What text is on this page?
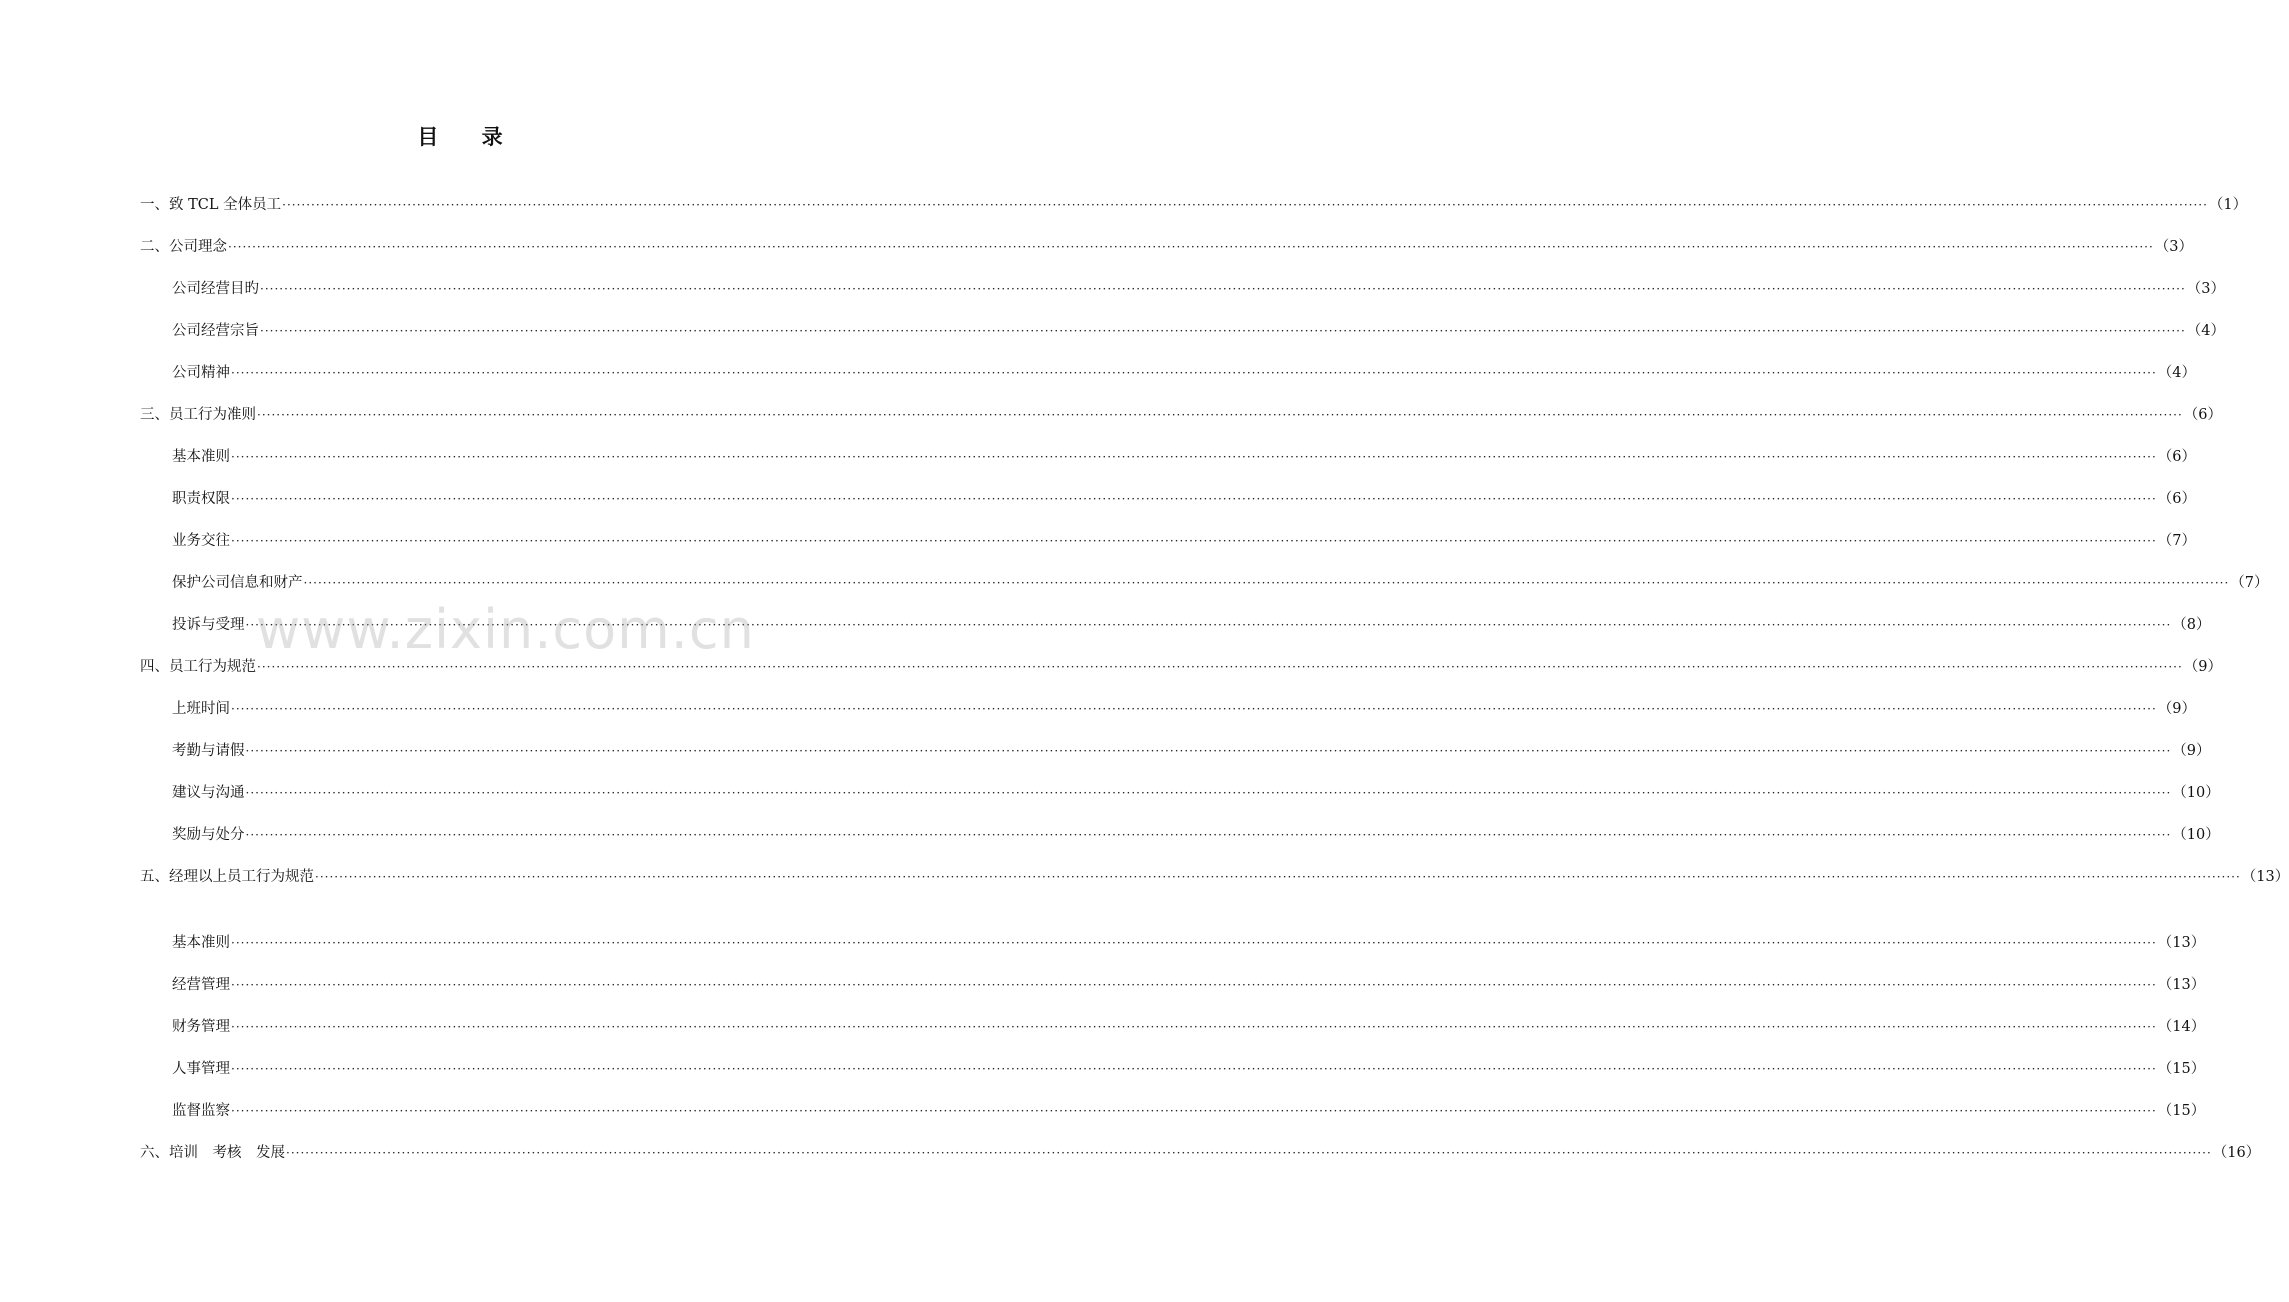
目 录
一、致 TCL 全体员工 ················································································································································································································································································································································································································ （1）
二、公司理念 ················································································································································································································································································································································································································ （3）
公司经营目旳 ················································································································································································································································································································································································································ （3）
公司经营宗旨 ················································································································································································································································································································································································································ （4）
公司精神 ················································································································································································································································································································································································································ （4）
三、员工行为准则 ················································································································································································································································································································································································································ （6）
基本准则 ················································································································································································································································································································································································································ （6）
职责权限 ················································································································································································································································································································································································································ （6）
业务交往 ················································································································································································································································································································································································································ （7）
保护公司信息和财产 ················································································································································································································································································································································································································ （7）
投诉与受理 ················································································································································································································································································································································································································ （8）
四、员工行为规范 ················································································································································································································································································································································································································ （9）
上班时间 ················································································································································································································································································································································································································ （9）
考勤与请假 ················································································································································································································································································································································································································ （9）
建议与沟通 ················································································································································································································································································································································································································ （10）
奖励与处分 ················································································································································································································································································································································································································ （10）
五、经理以上员工行为规范 ················································································································································································································································································································································································································ （13）
基本准则 ················································································································································································································································································································································································································ （13）
经营管理 ················································································································································································································································································································································································································ （13）
财务管理 ················································································································································································································································································································································································································ （14）
人事管理 ················································································································································································································································································································································································································ （15）
监督监察 ················································································································································································································································································································································································································ （15）
六、培训　考核　发展 ················································································································································································································································································································································································································ （16）
www.zixin.com.cn
